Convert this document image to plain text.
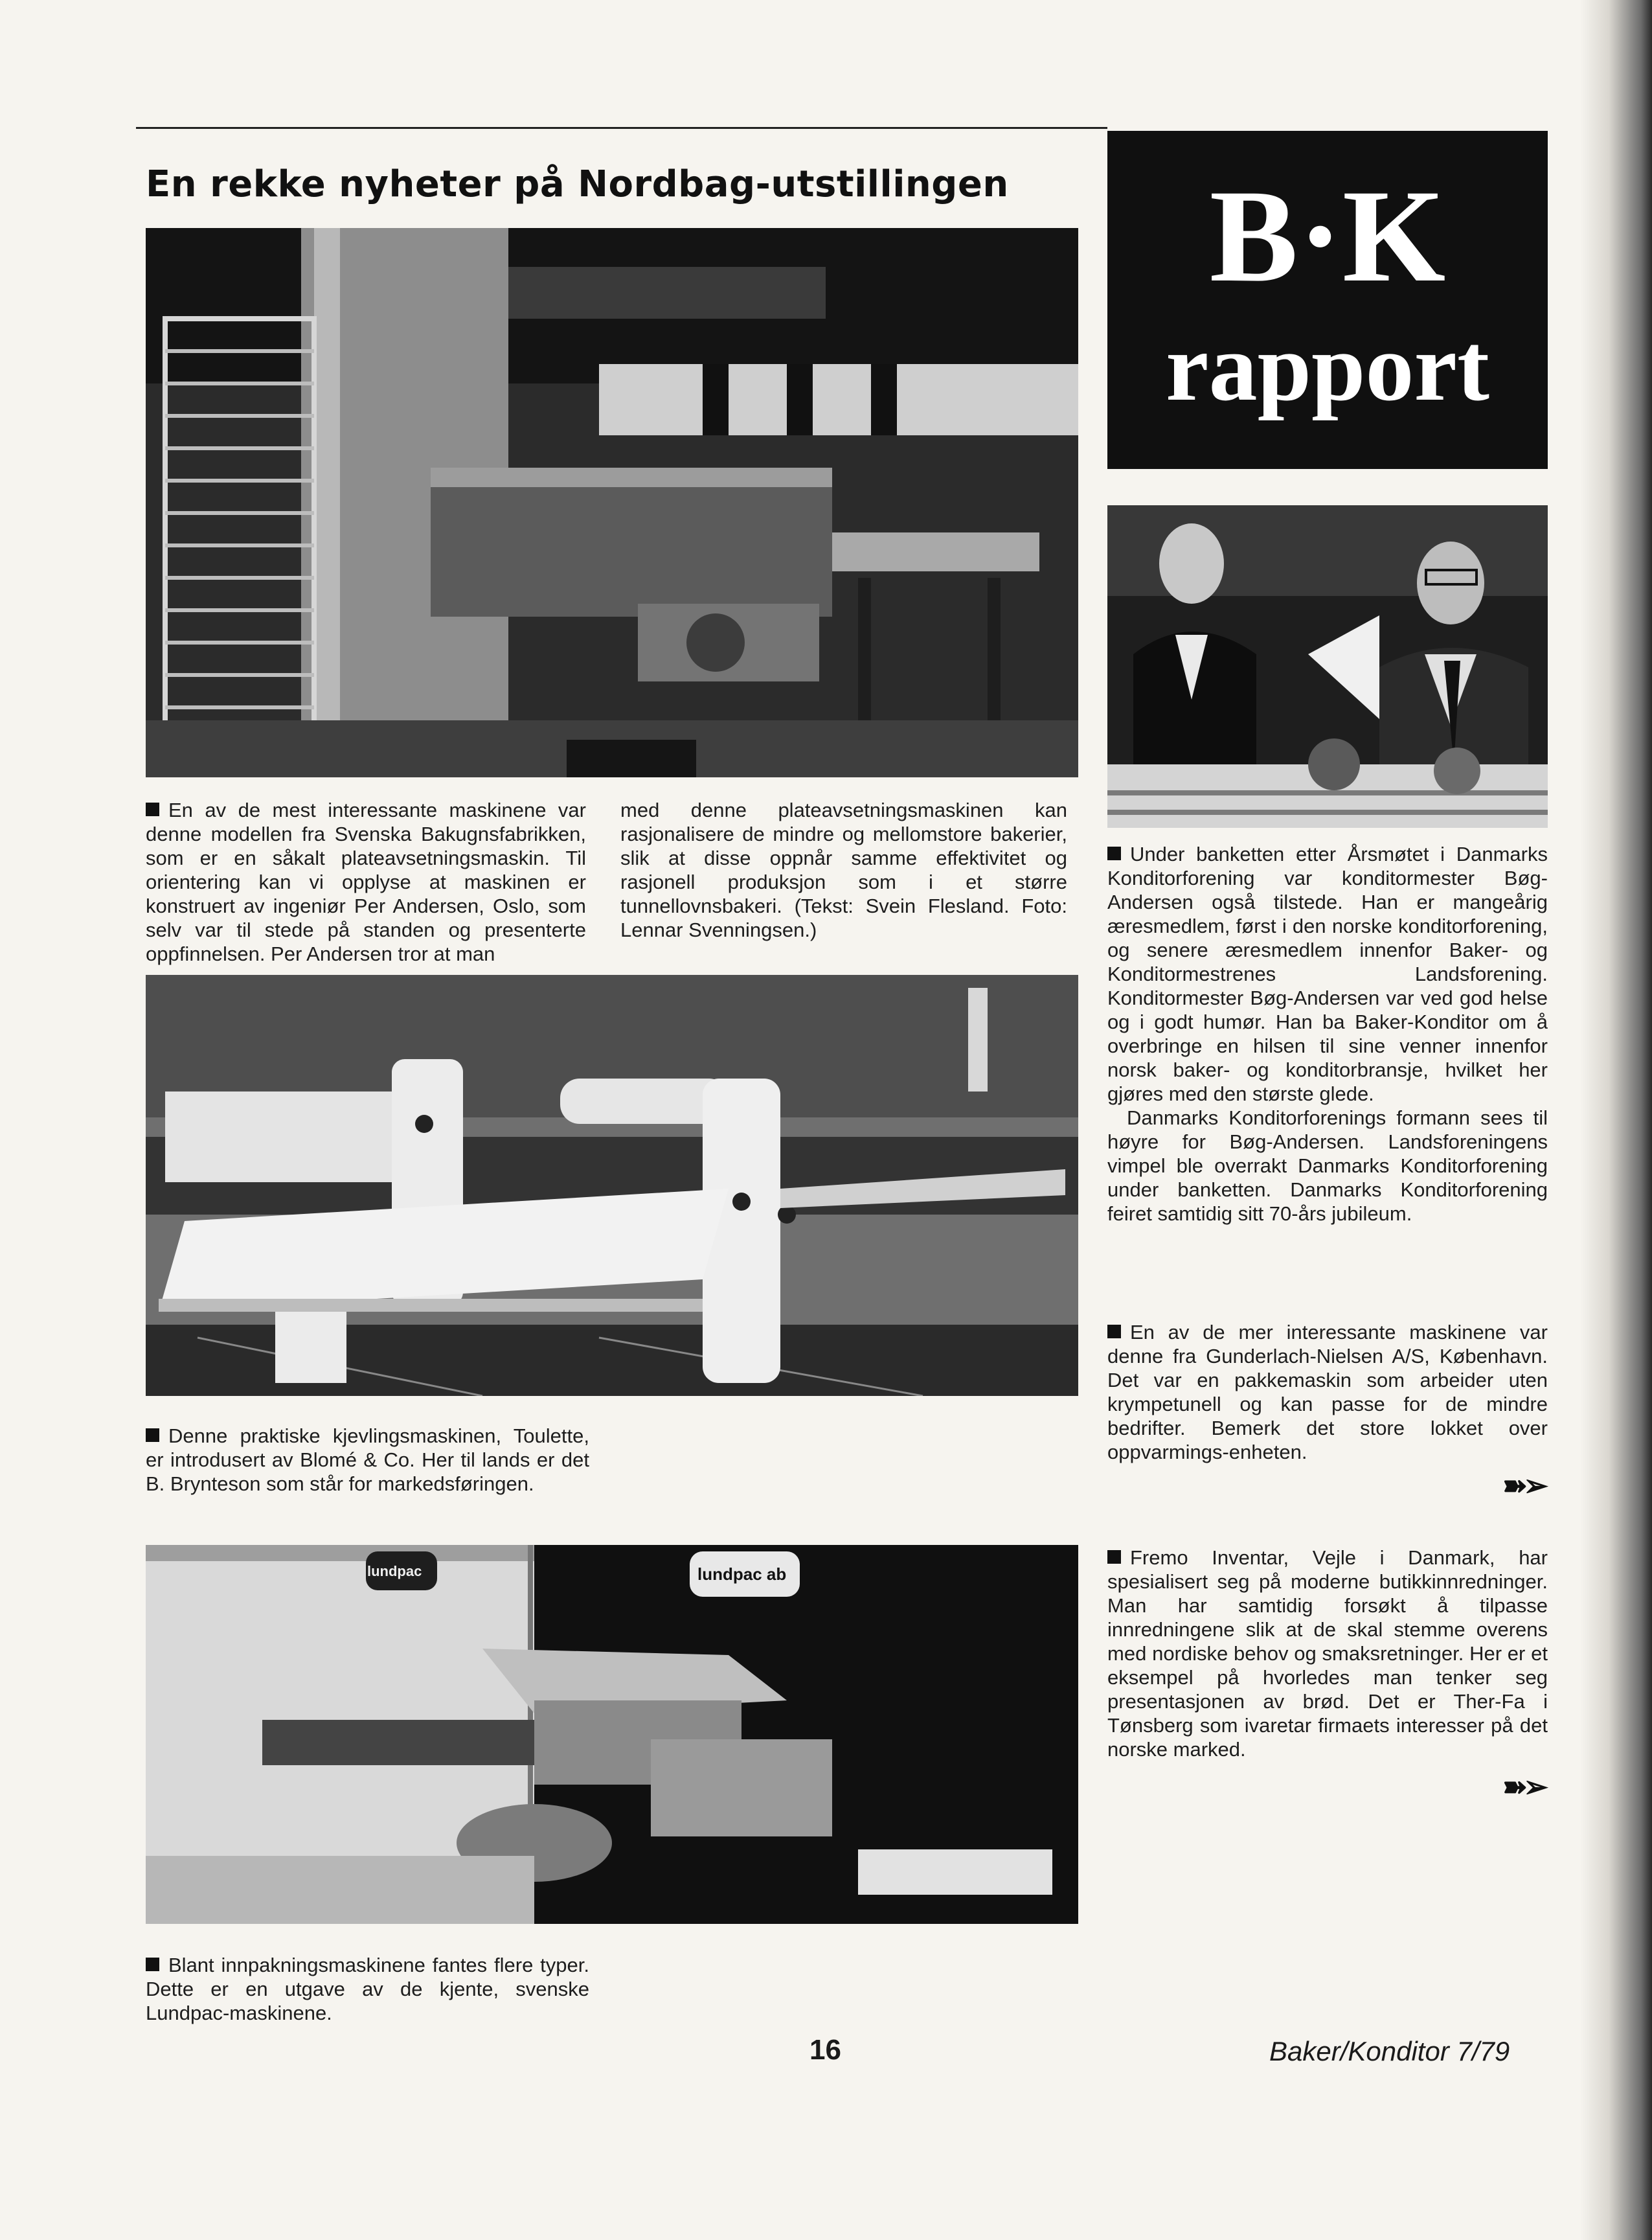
En rekke nyheter på Nordbag-utstillingen	B·K
rapport

En av de mest interessante maskinene var denne modellen fra Svenska Bakugnsfabrikken, som er en såkalt plateavsetningsmaskin. Til orientering kan vi opplyse at maskinen er konstruert av ingeniør Per Andersen, Oslo, som selv var til stede på standen og presenterte oppfinnelsen. Per Andersen tror at man

med denne plateavsetningsmaskinen kan rasjonalisere de mindre og mellomstore bakerier, slik at disse oppnår samme effektivitet og rasjonell produksjon som i et større tunnellovnsbakeri. (Tekst: Svein Flesland. Foto: Lennar Svenningsen.)

Under banketten etter Årsmøtet i Danmarks Konditorforening var konditormester Bøg-Andersen også tilstede. Han er mangeårig æresmedlem, først i den norske konditorforening, og senere æresmedlem innenfor Baker- og Konditormestrenes Landsforening. Konditormester Bøg-Andersen var ved god helse og i godt humør. Han ba Baker-Konditor om å overbringe en hilsen til sine venner innenfor norsk baker- og konditorbransje, hvilket her gjøres med den største glede.

Danmarks Konditorforenings formann sees til høyre for Bøg-Andersen. Landsforeningens vimpel ble overrakt Danmarks Konditorforening under banketten. Danmarks Konditorforening feiret samtidig sitt 70-års jubileum.

Denne praktiske kjevlingsmaskinen, Toulette, er introdusert av Blomé & Co. Her til lands er det B. Brynteson som står for markedsføringen.

En av de mer interessante maskinene var denne fra Gunderlach-Nielsen A/S, København. Det var en pakkemaskin som arbeider uten krympetunell og kan passe for de mindre bedrifter. Bemerk det store lokket over oppvarmings-enheten.

➽➢
lundpac	lundpac ab

Fremo Inventar, Vejle i Danmark, har spesialisert seg på moderne butikkinnredninger. Man har samtidig forsøkt å tilpasse innredningene slik at de skal stemme overens med nordiske behov og smaksretninger. Her er et eksempel på hvorledes man tenker seg presentasjonen av brød. Det er Ther-Fa i Tønsberg som ivaretar firmaets interesser på det norske marked.

➽➢

Blant innpakningsmaskinene fantes flere typer. Dette er en utgave av de kjente, svenske Lundpac-maskinene.

16	Baker/Konditor 7/79
